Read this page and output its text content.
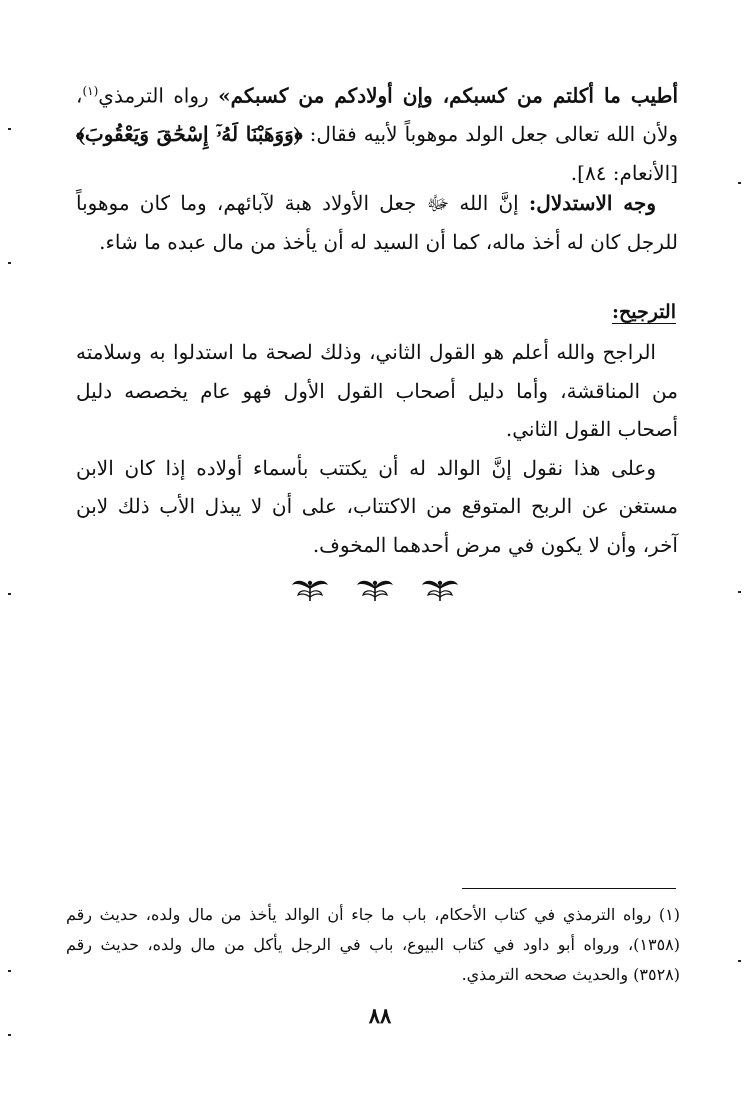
أطيب ما أكلتم من كسبكم، وإن أولادكم من كسبكم» رواه الترمذي$^{(١)}$، ولأن الله تعالى جعل الولد موهوباً لأبيه فقال: ﴿وَوَهَبْنَا لَهُۥٓ إِسْحَٰقَ وَيَعْقُوبَ﴾ [الأنعام: ٨٤].

وجه الاستدلال: إنَّ الله ﷻ جعل الأولاد هبة لآبائهم، وما كان موهوباً للرجل كان له أخذ ماله، كما أن السيد له أن يأخذ من مال عبده ما شاء.

الترجيح:

الراجح والله أعلم هو القول الثاني، وذلك لصحة ما استدلوا به وسلامته من المناقشة، وأما دليل أصحاب القول الأول فهو عام يخصصه دليل أصحاب القول الثاني.

وعلى هذا نقول إنَّ الوالد له أن يكتتب بأسماء أولاده إذا كان الابن مستغن عن الربح المتوقع من الاكتتاب، على أن لا يبذل الأب ذلك لابن آخر، وأن لا يكون في مرض أحدهما المخوف.

(١) رواه الترمذي في كتاب الأحكام، باب ما جاء أن الوالد يأخذ من مال ولده، حديث رقم (١٣٥٨)، ورواه أبو داود في كتاب البيوع، باب في الرجل يأكل من مال ولده، حديث رقم (٣٥٢٨) والحديث صححه الترمذي.

٨٨
